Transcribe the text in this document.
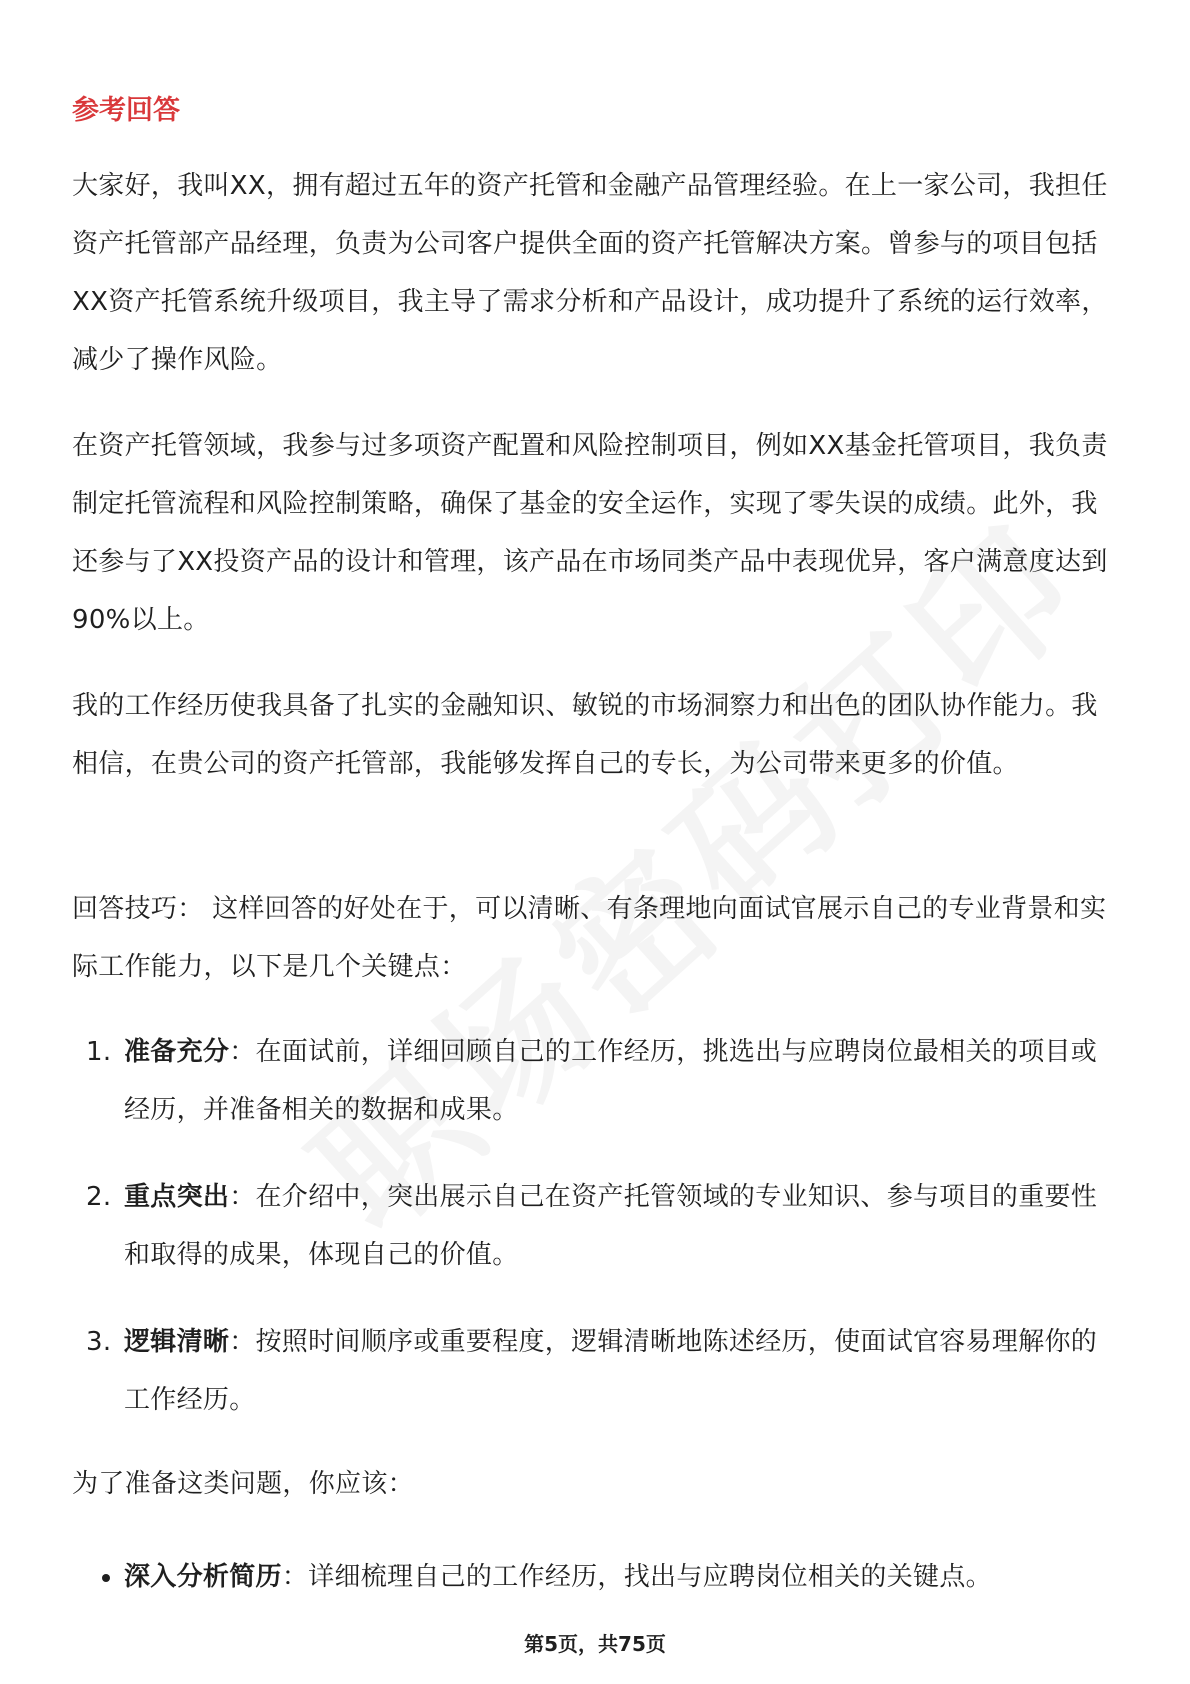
参考回答

大家好，我叫XX，拥有超过五年的资产托管和金融产品管理经验。在上一家公司，我担任资产托管部产品经理，负责为公司客户提供全面的资产托管解决方案。曾参与的项目包括XX资产托管系统升级项目，我主导了需求分析和产品设计，成功提升了系统的运行效率，减少了操作风险。

在资产托管领域，我参与过多项资产配置和风险控制项目，例如XX基金托管项目，我负责制定托管流程和风险控制策略，确保了基金的安全运作，实现了零失误的成绩。此外，我还参与了XX投资产品的设计和管理，该产品在市场同类产品中表现优异，客户满意度达到90%以上。

我的工作经历使我具备了扎实的金融知识、敏锐的市场洞察力和出色的团队协作能力。我相信，在贵公司的资产托管部，我能够发挥自己的专长，为公司带来更多的价值。

回答技巧： 这样回答的好处在于，可以清晰、有条理地向面试官展示自己的专业背景和实际工作能力，以下是几个关键点：

1. 准备充分：在面试前，详细回顾自己的工作经历，挑选出与应聘岗位最相关的项目或经历，并准备相关的数据和成果。
2. 重点突出：在介绍中，突出展示自己在资产托管领域的专业知识、参与项目的重要性和取得的成果，体现自己的价值。
3. 逻辑清晰：按照时间顺序或重要程度，逻辑清晰地陈述经历，使面试官容易理解你的工作经历。

为了准备这类问题，你应该：

深入分析简历：详细梳理自己的工作经历，找出与应聘岗位相关的关键点。
第5页，共75页
